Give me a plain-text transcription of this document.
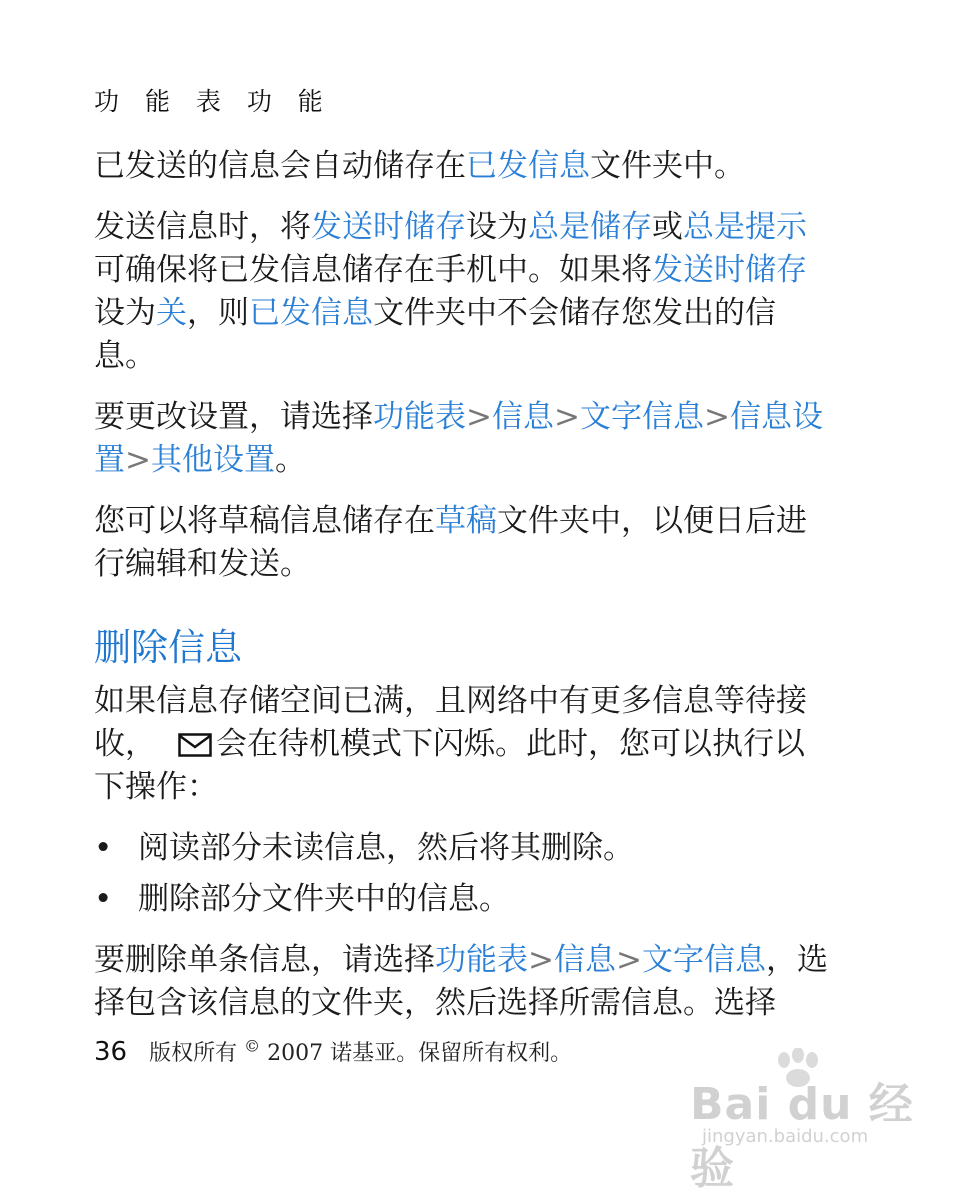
功 能 表 功 能

已发送的信息会自动储存在已发信息文件夹中。

发送信息时，将发送时储存设为总是储存或总是提示可确保将已发信息储存在手机中。如果将发送时储存设为关，则已发信息文件夹中不会储存您发出的信息。

要更改设置，请选择功能表>信息>文字信息>信息设置>其他设置。

您可以将草稿信息储存在草稿文件夹中，以便日后进行编辑和发送。

删除信息

如果信息存储空间已满，且网络中有更多信息等待接收， 会在待机模式下闪烁。此时，您可以执行以下操作：

• 阅读部分未读信息，然后将其删除。
• 删除部分文件夹中的信息。

要删除单条信息，请选择功能表>信息>文字信息，选择包含该信息的文件夹，然后选择所需信息。选择

36 版权所有 © 2007 诺基亚。保留所有权利。
Bai du 经验
jingyan.baidu.com
